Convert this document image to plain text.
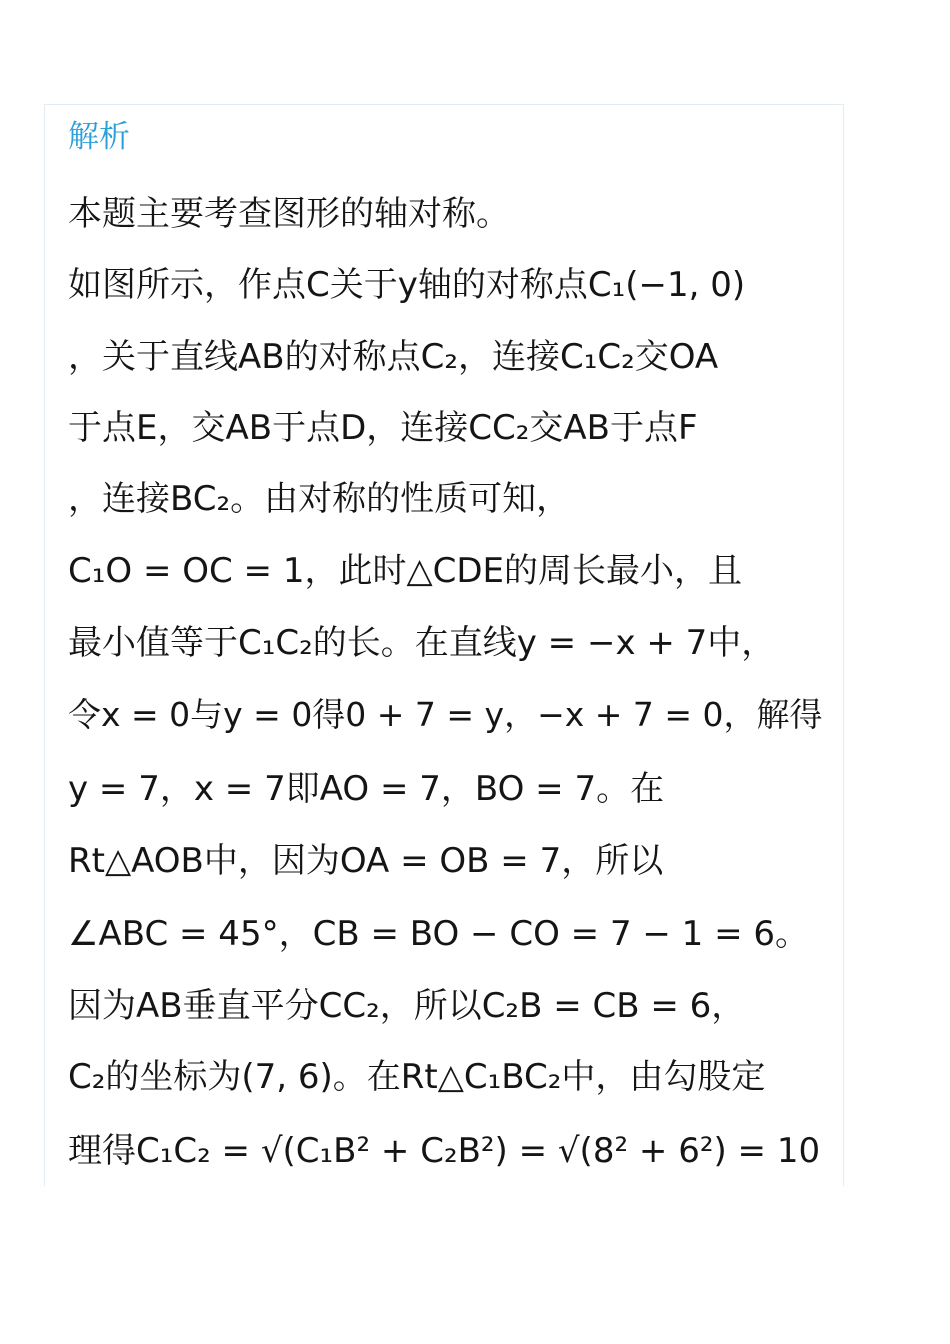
解析
本题主要考查图形的轴对称。
如图所示，作点C关于y轴的对称点C₁(−1, 0)
，关于直线AB的对称点C₂，连接C₁C₂交OA
于点E，交AB于点D，连接CC₂交AB于点F
，连接BC₂。由对称的性质可知，
C₁O = OC = 1，此时△CDE的周长最小，且
最小值等于C₁C₂的长。在直线y = −x + 7中，
令x = 0与y = 0得0 + 7 = y，−x + 7 = 0，解得
y = 7，x = 7即AO = 7，BO = 7。在
Rt△AOB中，因为OA = OB = 7，所以
∠ABC = 45°，CB = BO − CO = 7 − 1 = 6。
因为AB垂直平分CC₂，所以C₂B = CB = 6，
C₂的坐标为(7, 6)。在Rt△C₁BC₂中，由勾股定
理得C₁C₂ = √(C₁B² + C₂B²) = √(8² + 6²) = 10
